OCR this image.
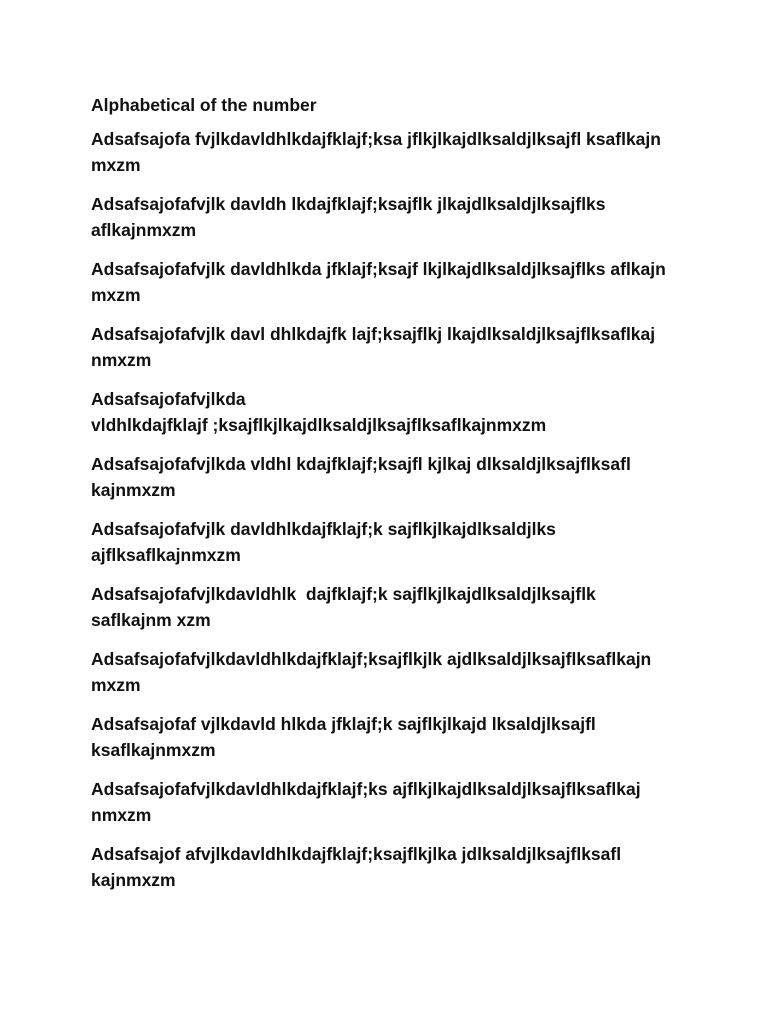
Alphabetical of the number
Adsafsajofa fvjlkdavldhlkdajfklajf;ksa jflkjlkajdlksaldjlksajfl ksaflkajn
mxzm
Adsafsajofafvjlk davldh lkdajfklajf;ksajflk jlkajdlksaldjlksajflks
aflkajnmxzm
Adsafsajofafvjlk davldhlkda jfklajf;ksajf lkjlkajdlksaldjlksajflks aflkajn
mxzm
Adsafsajofafvjlk davl dhlkdajfk lajf;ksajflkj lkajdlksaldjlksajflksaflkaj
nmxzm
Adsafsajofafvjlkda
vldhlkdajfklajf ;ksajflkjlkajdlksaldjlksajflksaflkajnmxzm
Adsafsajofafvjlkda vldhl kdajfklajf;ksajfl kjlkaj dlksaldjlksajflksafl
kajnmxzm
Adsafsajofafvjlk davldhlkdajfklajf;k sajflkjlkajdlksaldjlks
ajflksaflkajnmxzm
Adsafsajofafvjlkdavldhlk  dajfklajf;k sajflkjlkajdlksaldjlksajflk
saflkajnm xzm
Adsafsajofafvjlkdavldhlkdajfklajf;ksajflkjlk ajdlksaldjlksajflksaflkajn
mxzm
Adsafsajofaf vjlkdavld hlkda jfklajf;k sajflkjlkajd lksaldjlksajfl
ksaflkajnmxzm
Adsafsajofafvjlkdavldhlkdajfklajf;ks ajflkjlkajdlksaldjlksajflksaflkaj
nmxzm
Adsafsajof afvjlkdavldhlkdajfklajf;ksajflkjlka jdlksaldjlksajflksafl
kajnmxzm
